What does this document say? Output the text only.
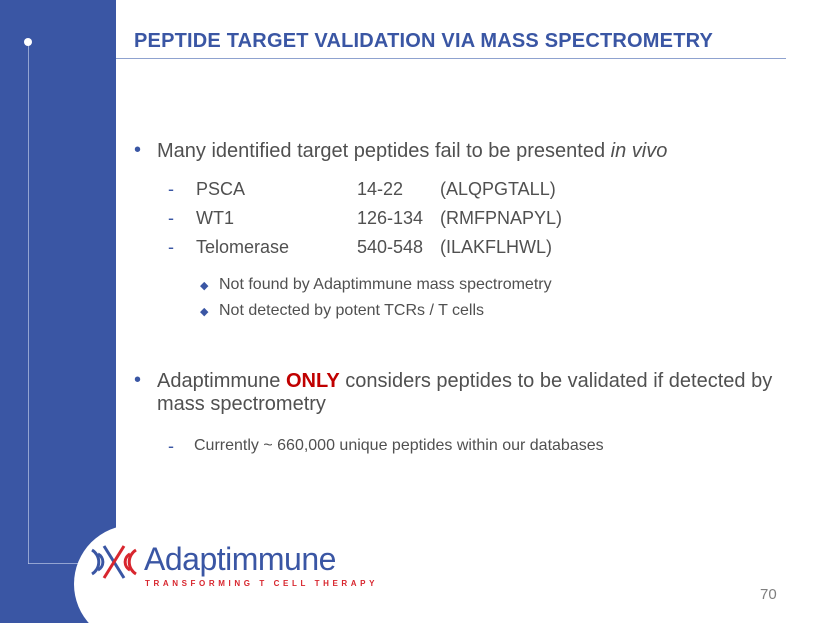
PEPTIDE TARGET VALIDATION VIA MASS SPECTROMETRY
• Many identified target peptides fail to be presented in vivo
- PSCA	14-22 (ALQPGTALL)
- WT1	126-134 (RMFPNAPYL)
- Telomerase	540-548 (ILAKFLHWL)
◆ Not found by Adaptimmune mass spectrometry
◆ Not detected by potent TCRs / T cells
• Adaptimmune ONLY considers peptides to be validated if detected by
mass spectrometry
- Currently ~ 660,000 unique peptides within our databases
Adaptimmune
TRANSFORMING T CELL THERAPY
70
